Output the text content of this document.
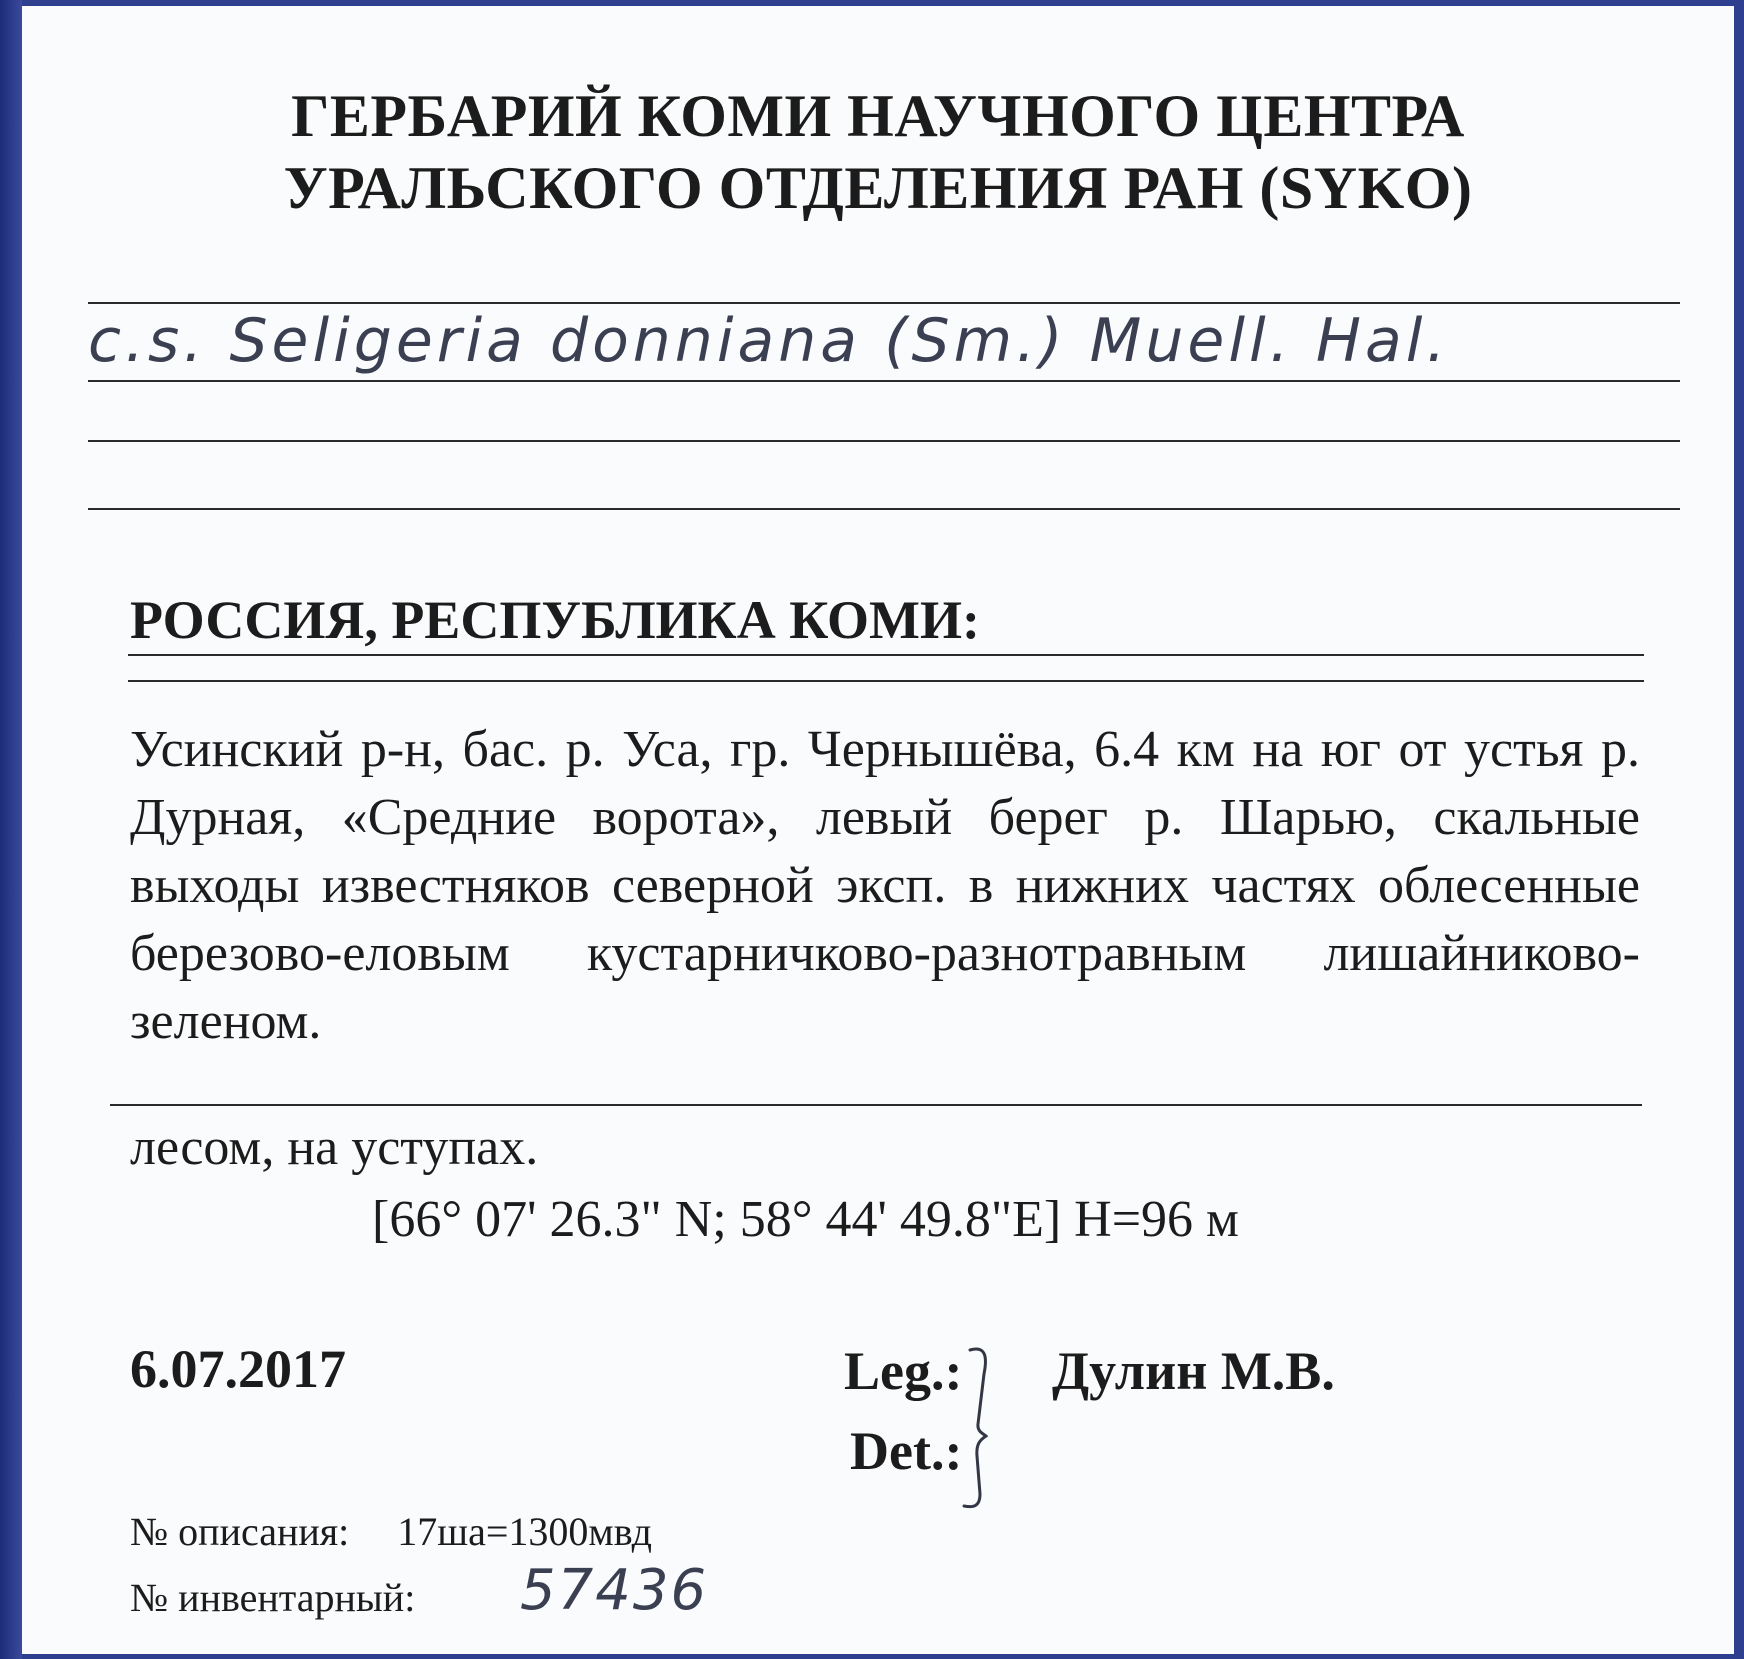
ГЕРБАРИЙ КОМИ НАУЧНОГО ЦЕНТРА
УРАЛЬСКОГО ОТДЕЛЕНИЯ РАН (SYKO)
c.s. Seligeria donniana (Sm.) Muell. Hal.
РОССИЯ, РЕСПУБЛИКА КОМИ:
Усинский р-н, бас. р. Уса, гр. Чернышёва, 6.4 км на юг от устья р. Дурная, «Средние ворота», левый берег р. Шарью, скальные выходы известняков северной эксп. в нижних частях облесенные березово-еловым кустарничково-разнотравным лишайниково-зеленом.
лесом, на уступах.
[66° 07' 26.3" N; 58° 44' 49.8"E] H=96 м
6.07.2017	Leg.:
Det.:
Дулин М.В.
№ описания: 17ша=1300мвд
№ инвентарный: 57436
